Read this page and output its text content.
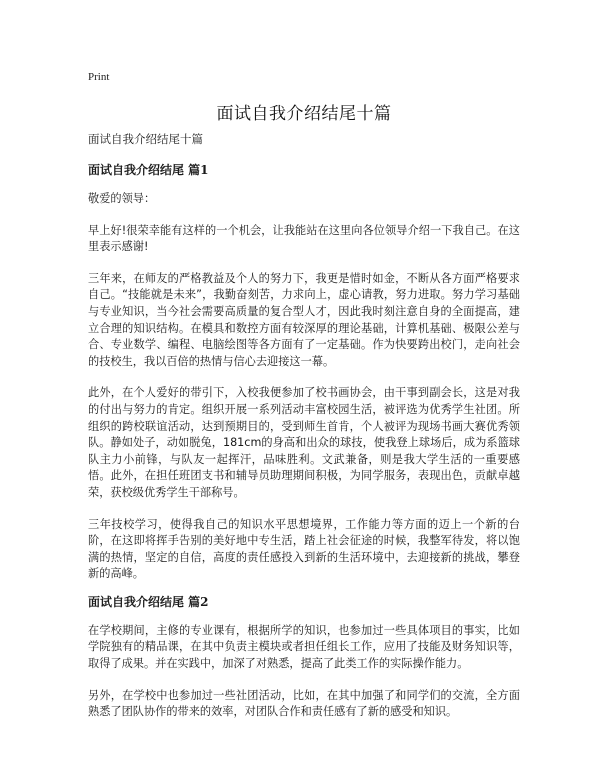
Print
面试自我介绍结尾十篇

面试自我介绍结尾十篇

面试自我介绍结尾 篇1

敬爱的领导：

早上好!很荣幸能有这样的一个机会，让我能站在这里向各位领导介绍一下我自己。在这里表示感谢!

三年来，在师友的严格教益及个人的努力下，我更是惜时如金，不断从各方面严格要求自己。“技能就是未来”，我勤奋刻苦，力求向上，虚心请教，努力进取。努力学习基础与专业知识，当今社会需要高质量的复合型人才，因此我时刻注意自身的全面提高，建立合理的知识结构。在模具和数控方面有较深厚的理论基础，计算机基础、极限公差与合、专业数学、编程、电脑绘图等各方面有了一定基础。作为快要跨出校门，走向社会的技校生，我以百倍的热情与信心去迎接这一幕。

此外，在个人爱好的带引下，入校我便参加了校书画协会，由干事到副会长，这是对我的付出与努力的肯定。组织开展一系列活动丰富校园生活，被评选为优秀学生社团。所组织的跨校联谊活动，达到预期目的，受到师生首肯，个人被评为现场书画大赛优秀领队。静如处子，动如脱兔，181cm的身高和出众的球技，使我登上球场后，成为系篮球队主力小前锋，与队友一起挥汗，品味胜利。文武兼备，则是我大学生活的一重要感悟。此外，在担任班团支书和辅导员助理期间积极，为同学服务，表现出色，贡献卓越荣，获校级优秀学生干部称号。

三年技校学习，使得我自己的知识水平思想境界，工作能力等方面的迈上一个新的台阶，在这即将挥手告别的美好地中专生活，踏上社会征途的时候，我整军待发，将以饱满的热情，坚定的自信，高度的责任感投入到新的生活环境中，去迎接新的挑战，攀登新的高峰。

面试自我介绍结尾 篇2

在学校期间，主修的专业课有，根据所学的知识，也参加过一些具体项目的事实，比如学院独有的精品课，在其中负责主模块或者担任组长工作，应用了技能及财务知识等，取得了成果。并在实践中，加深了对熟悉，提高了此类工作的实际操作能力。

另外，在学校中也参加过一些社团活动，比如，在其中加强了和同学们的交流，全方面熟悉了团队协作的带来的效率，对团队合作和责任感有了新的感受和知识。
